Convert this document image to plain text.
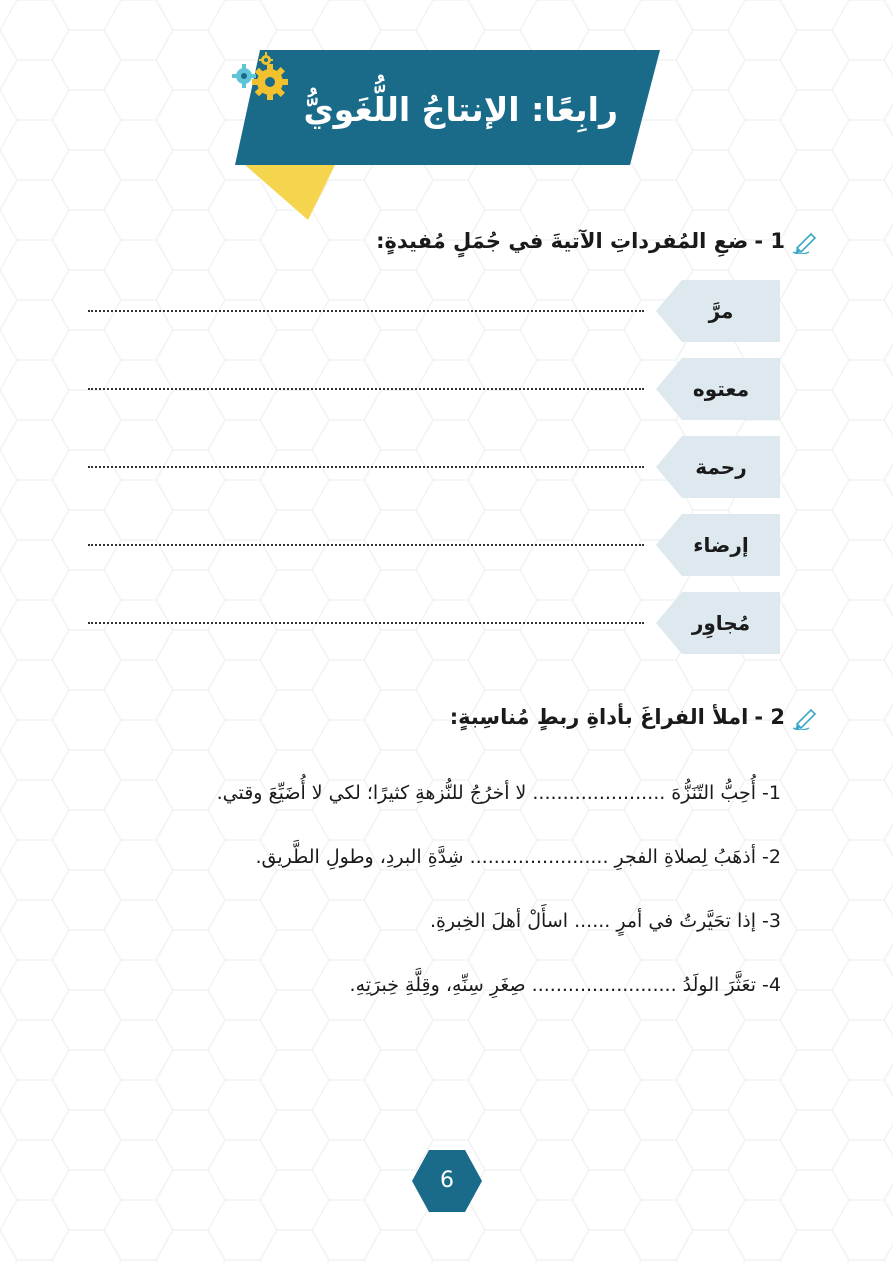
رابِعًا: الإنتاجُ اللُّغَويُّ
1 -
ضعِ المُفرداتِ الآتيةَ في جُمَلٍ مُفيدةٍ:
مرَّ
معتوه
رحمة
إرضاء
مُجاوِر
2 -
املأ الفراغَ بأداةِ ربطٍ مُناسِبةٍ:
1- أُحِبُّ التّنَزُّهَ ...................... لا أخرُجُ للنُّزهةِ كثيرًا؛ لكي لا أُضَيِّعَ وقتي.
2- أذهَبُ لِصلاةِ الفجرِ ....................... شِدَّةِ البردِ، وطولِ الطَّريق.
3- إذا تحَيَّرتُ في أمرٍ ...... اسأَلْ أهلَ الخِبرةِ.
4- تعَثَّرَ الولَدُ ........................ صِغَرِ سِنِّهِ، وقِلَّةِ خِبرَتِهِ.
6
